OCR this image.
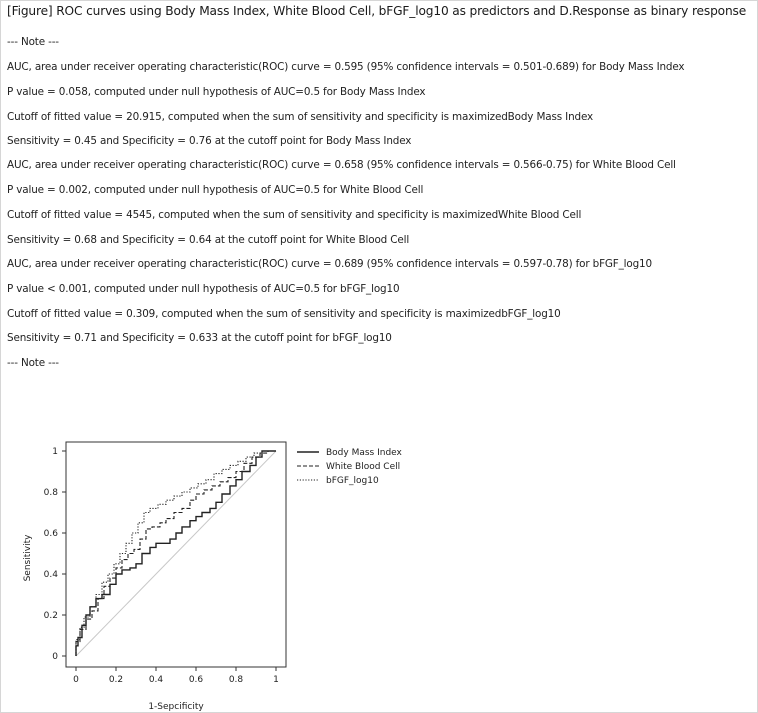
[Figure] ROC curves using Body Mass Index, White Blood Cell, bFGF_log10 as predictors and D.Response as binary response
--- Note ---
AUC, area under receiver operating characteristic(ROC) curve = 0.595 (95% confidence intervals = 0.501-0.689) for Body Mass Index
P value = 0.058, computed under null hypothesis of AUC=0.5 for Body Mass Index
Cutoff of fitted value = 20.915, computed when the sum of sensitivity and specificity is maximizedBody Mass Index
Sensitivity = 0.45 and Specificity = 0.76 at the cutoff point for Body Mass Index
AUC, area under receiver operating characteristic(ROC) curve = 0.658 (95% confidence intervals = 0.566-0.75) for White Blood Cell
P value = 0.002, computed under null hypothesis of AUC=0.5 for White Blood Cell
Cutoff of fitted value = 4545, computed when the sum of sensitivity and specificity is maximizedWhite Blood Cell
Sensitivity = 0.68 and Specificity = 0.64 at the cutoff point for White Blood Cell
AUC, area under receiver operating characteristic(ROC) curve = 0.689 (95% confidence intervals = 0.597-0.78) for bFGF_log10
P value < 0.001, computed under null hypothesis of AUC=0.5 for bFGF_log10
Cutoff of fitted value = 0.309, computed when the sum of sensitivity and specificity is maximizedbFGF_log10
Sensitivity = 0.71 and Specificity = 0.633 at the cutoff point for bFGF_log10
--- Note ---
0	0.2	0.4	0.6	0.8	1
0
0.2
0.4
0.6
0.8
1
1-Sepcificity
Sensitivity
Body Mass Index
White Blood Cell
bFGF_log10
